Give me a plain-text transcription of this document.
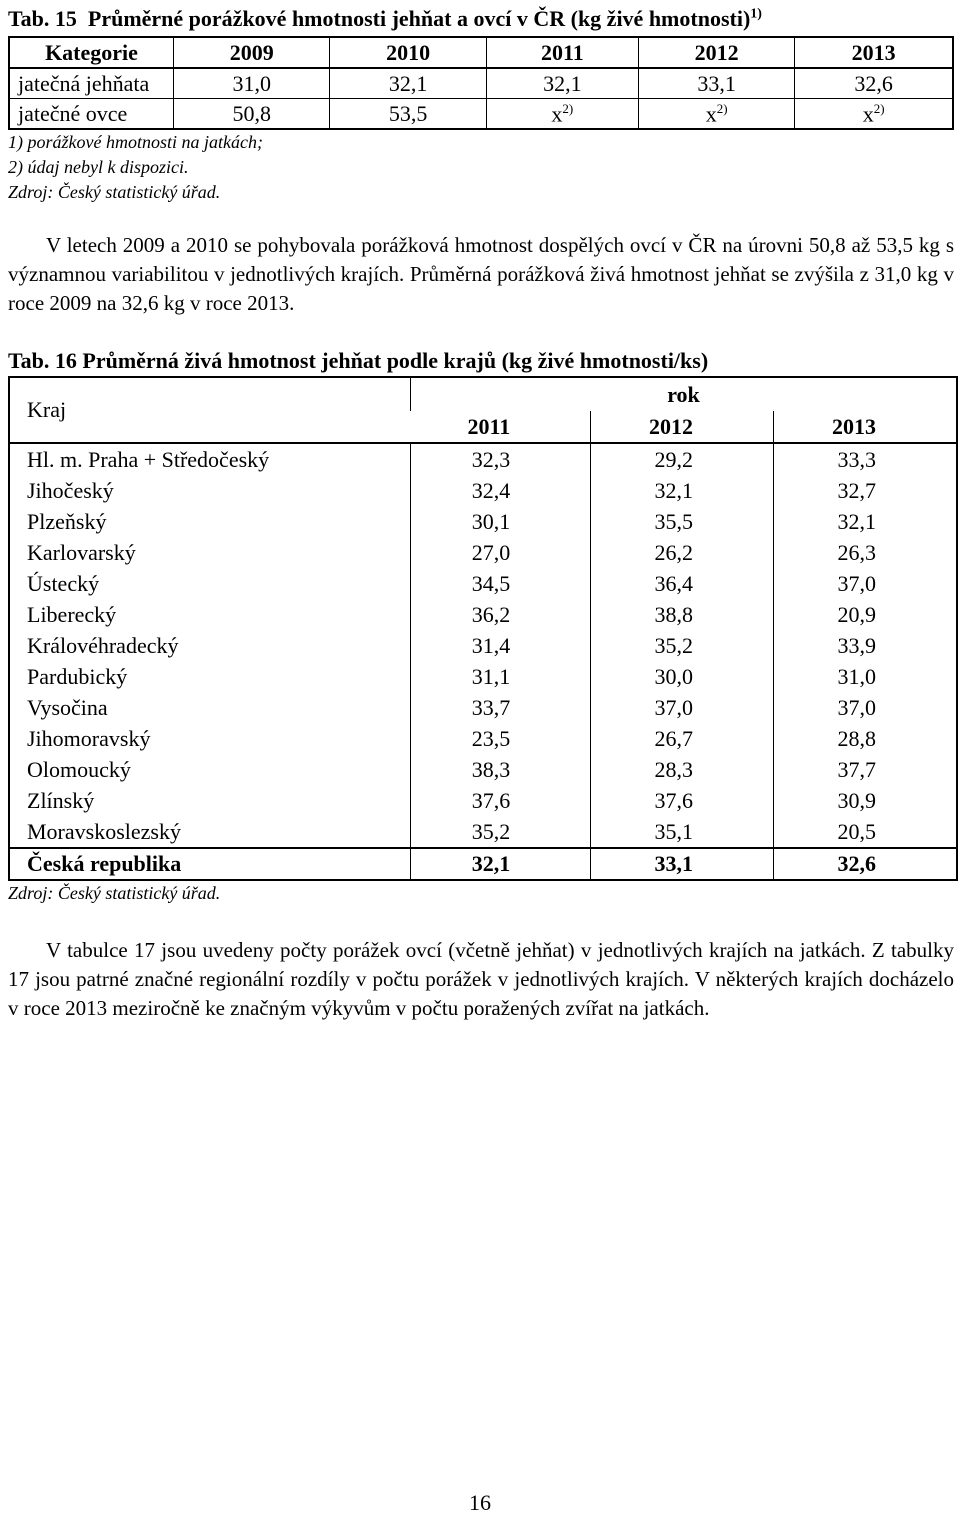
Tab. 15 Průměrné porážkové hmotnosti jehňat a ovcí v ČR (kg živé hmotnosti)$^{1)}$
Kategorie	2009	2010	2011	2012	2013
jatečná jehňata	31,0	32,1	32,1	33,1	32,6
jatečné ovce	50,8	53,5	$x^{2)}$	$x^{2)}$	$x^{2)}$
1) porážkové hmotnosti na jatkách;
2) údaj nebyl k dispozici.
Zdroj: Český statistický úřad.
V letech 2009 a 2010 se pohybovala porážková hmotnost dospělých ovcí v ČR na úrovni 50,8 až 53,5 kg s významnou variabilitou v jednotlivých krajích. Průměrná porážková živá hmotnost jehňat se zvýšila z 31,0 kg v roce 2009 na 32,6 kg v roce 2013.
Tab. 16 Průměrná živá hmotnost jehňat podle krajů (kg živé hmotnosti/ks)
Kraj	rok		
	2011	2012	2013
Hl. m. Praha + Středočeský	32,3	29,2	33,3
Jihočeský	32,4	32,1	32,7
Plzeňský	30,1	35,5	32,1
Karlovarský	27,0	26,2	26,3
Ústecký	34,5	36,4	37,0
Liberecký	36,2	38,8	20,9
Královéhradecký	31,4	35,2	33,9
Pardubický	31,1	30,0	31,0
Vysočina	33,7	37,0	37,0
Jihomoravský	23,5	26,7	28,8
Olomoucký	38,3	28,3	37,7
Zlínský	37,6	37,6	30,9
Moravskoslezský	35,2	35,1	20,5
Česká republika	32,1	33,1	32,6
Zdroj: Český statistický úřad.
V tabulce 17 jsou uvedeny počty porážek ovcí (včetně jehňat) v jednotlivých krajích na jatkách. Z tabulky 17 jsou patrné značné regionální rozdíly v počtu porážek v jednotlivých krajích. V některých krajích docházelo v roce 2013 meziročně ke značným výkyvům v počtu poražených zvířat na jatkách.
16
